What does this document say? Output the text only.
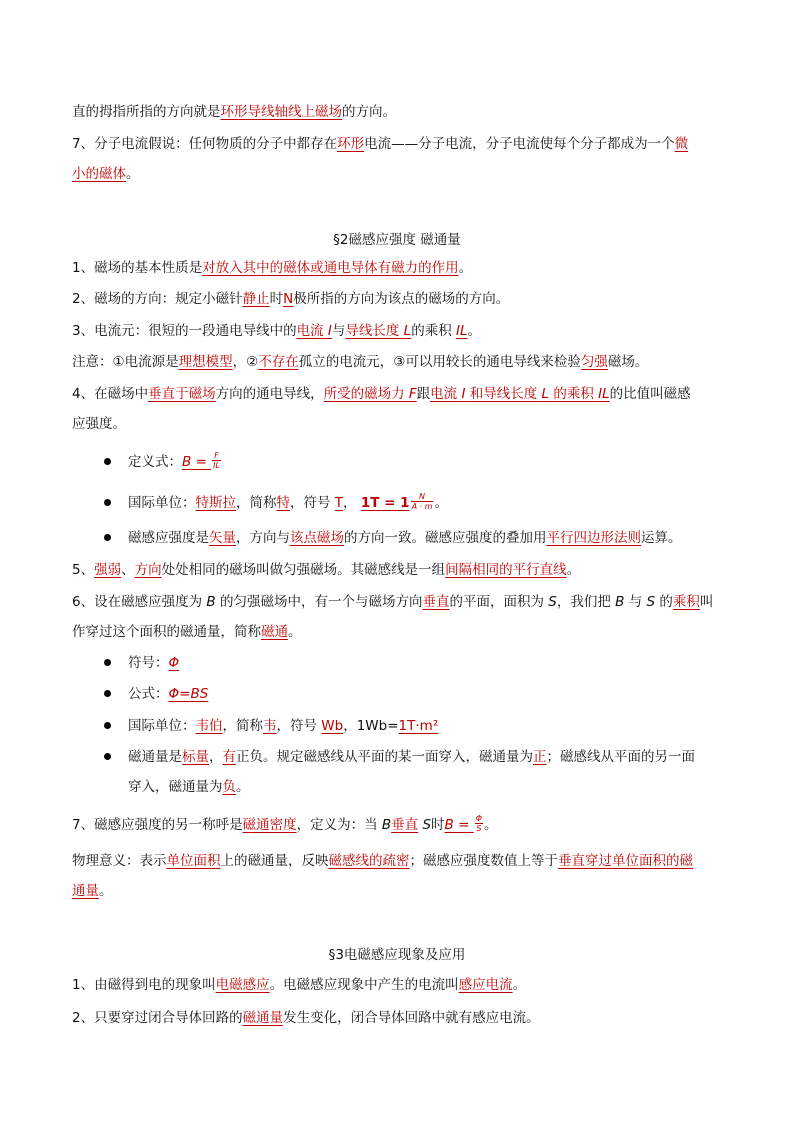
直的拇指所指的方向就是环形导线轴线上磁场的方向。
7、分子电流假说：任何物质的分子中都存在环形电流——分子电流，分子电流使每个分子都成为一个微
小的磁体。
§2磁感应强度 磁通量
1、磁场的基本性质是对放入其中的磁体或通电导体有磁力的作用。
2、磁场的方向：规定小磁针静止时N极所指的方向为该点的磁场的方向。
3、电流元：很短的一段通电导线中的电流 I与导线长度 L的乘积 IL。
注意：①电流源是理想模型，②不存在孤立的电流元，③可以用较长的通电导线来检验匀强磁场。
4、在磁场中垂直于磁场方向的通电导线，所受的磁场力 F跟电流 I 和导线长度 L 的乘积 IL的比值叫磁感
应强度。
定义式：$B = \frac{F}{IL}$
国际单位：特斯拉，简称特，符号 T， $1T = 1 \frac{N}{A \cdot m}$ 。
磁感应强度是矢量，方向与该点磁场的方向一致。磁感应强度的叠加用平行四边形法则运算。
5、强弱、方向处处相同的磁场叫做匀强磁场。其磁感线是一组间隔相同的平行直线。
6、设在磁感应强度为 B 的匀强磁场中，有一个与磁场方向垂直的平面，面积为 S，我们把 B 与 S 的乘积叫
作穿过这个面积的磁通量，简称磁通。
符号：Φ
公式：Φ=BS
国际单位：韦伯，简称韦，符号 Wb，1Wb=1T·m²
磁通量是标量，有正负。规定磁感线从平面的某一面穿入，磁通量为正；磁感线从平面的另一面
穿入，磁通量为负。
7、磁感应强度的另一称呼是磁通密度，定义为：当 B垂直 S时$B = \frac{\Phi}{S}$ 。
物理意义：表示单位面积上的磁通量，反映磁感线的疏密；磁感应强度数值上等于垂直穿过单位面积的磁
通量。
§3电磁感应现象及应用
1、由磁得到电的现象叫电磁感应。电磁感应现象中产生的电流叫感应电流。
2、只要穿过闭合导体回路的磁通量发生变化，闭合导体回路中就有感应电流。
